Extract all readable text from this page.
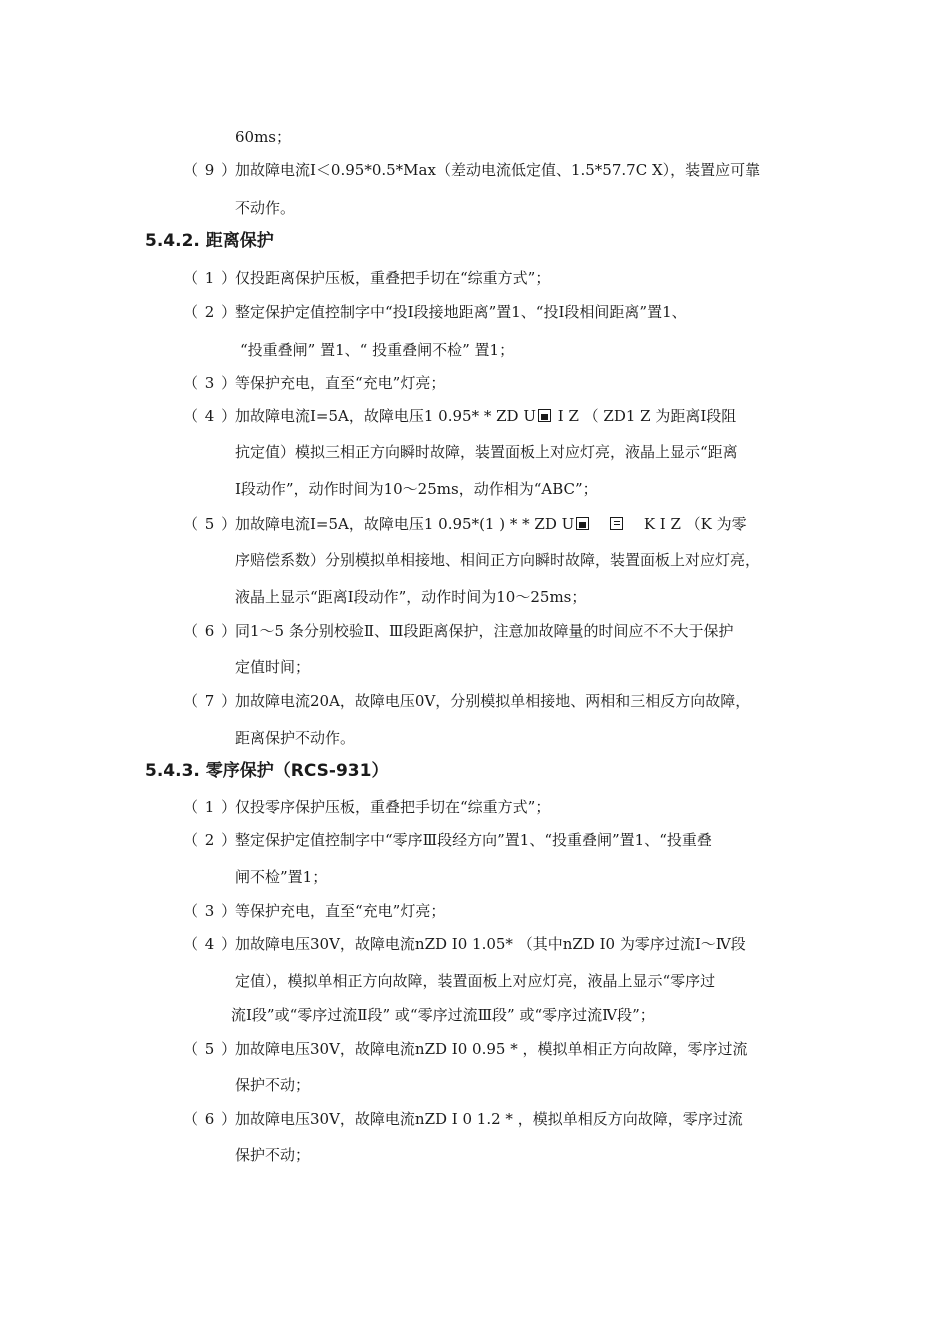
60ms；
（ 9 ）
加故障电流I＜0.95*0.5*Max（差动电流低定值、1.5*57.7C X），装置应可靠
不动作。
5.4.2. 距离保护
（ 1 ）
仅投距离保护压板，重叠把手切在“综重方式”；
（ 2 ）
整定保护定值控制字中“投Ⅰ段接地距离”置1、“投Ⅰ段相间距离”置1、
“投重叠闸” 置1、“ 投重叠闸不检” 置1；
（ 3 ）
等保护充电，直至“充电”灯亮；
（ 4 ）
加故障电流I=5A，故障电压1 0.95* * ZD U I Z （ ZD1 Z 为距离Ⅰ段阻
抗定值）模拟三相正方向瞬时故障，装置面板上对应灯亮，液晶上显示“距离
Ⅰ段动作”，动作时间为10～25ms，动作相为“ABC”；
（ 5 ）
加故障电流I=5A，故障电压1 0.95*(1 ) * * ZD U	K I Z （K 为零
序赔偿系数）分别模拟单相接地、相间正方向瞬时故障，装置面板上对应灯亮，
液晶上显示“距离Ⅰ段动作”，动作时间为10～25ms；
（ 6 ）
同1～5 条分别校验Ⅱ、Ⅲ段距离保护，注意加故障量的时间应不不大于保护
定值时间；
（ 7 ）
加故障电流20A，故障电压0V，分别模拟单相接地、两相和三相反方向故障，
距离保护不动作。
5.4.3. 零序保护（RCS-931）
（ 1 ）
仅投零序保护压板，重叠把手切在“综重方式”；
（ 2 ）
整定保护定值控制字中“零序Ⅲ段经方向”置1、“投重叠闸”置1、“投重叠
闸不检”置1；
（ 3 ）
等保护充电，直至“充电”灯亮；
（ 4 ）
加故障电压30V，故障电流nZD I0 1.05* （其中nZD I0 为零序过流Ⅰ～Ⅳ段
定值），模拟单相正方向故障，装置面板上对应灯亮，液晶上显示“零序过
流Ⅰ段”或“零序过流Ⅱ段” 或“零序过流Ⅲ段” 或“零序过流Ⅳ段”；
（ 5 ）
加故障电压30V，故障电流nZD I0 0.95 * ，模拟单相正方向故障，零序过流
保护不动；
（ 6 ）
加故障电压30V，故障电流nZD I 0 1.2 * ，模拟单相反方向故障，零序过流
保护不动；
